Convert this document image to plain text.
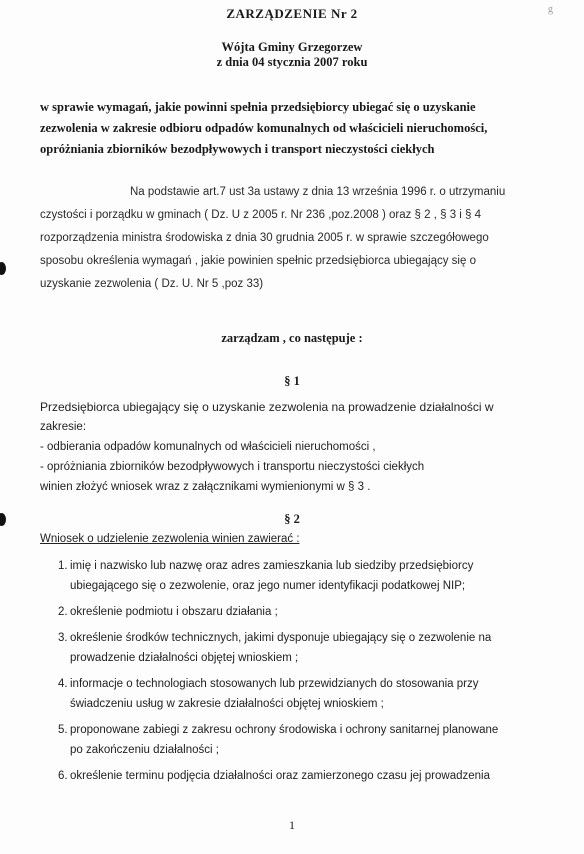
ZARZĄDZENIE Nr 2	g
Wójta Gminy Grzegorzew
z dnia 04 stycznia 2007 roku
w sprawie wymagań, jakie powinni spełnia przedsiębiorcy ubiegać się o uzyskanie
zezwolenia w zakresie odbioru odpadów komunalnych od właścicieli nieruchomości,
opróżniania zbiorników bezodpływowych i transport nieczystości ciekłych
Na podstawie art.7 ust 3a ustawy z dnia 13 września 1996 r. o utrzymaniu
czystości i porządku w gminach ( Dz. U z 2005 r. Nr 236 ,poz.2008 ) oraz § 2 , § 3 i § 4
rozporządzenia ministra środowiska z dnia 30 grudnia 2005 r. w sprawie szczegółowego
sposobu określenia wymagań , jakie powinien spełnic przedsiębiorca ubiegający się o
uzyskanie zezwolenia ( Dz. U. Nr 5 ,poz 33)
zarządzam , co następuje :
§ 1
Przedsiębiorca ubiegający się o uzyskanie zezwolenia na prowadzenie działalności w
zakresie:
- odbierania odpadów komunalnych od właścicieli nieruchomości ,
- opróżniania zbiorników bezodpływowych i transportu nieczystości ciekłych
winien złożyć wniosek wraz z załącznikami wymienionymi w § 3 .
§ 2
Wniosek o udzielenie zezwolenia winien zawierać :
1. imię i nazwisko lub nazwę oraz adres zamieszkania lub siedziby przedsiębiorcy
ubiegającego się o zezwolenie, oraz jego numer identyfikacji podatkowej NIP;
2. określenie podmiotu i obszaru działania ;
3. określenie środków technicznych, jakimi dysponuje ubiegający się o zezwolenie na
prowadzenie działalności objętej wnioskiem ;
4. informacje o technologiach stosowanych lub przewidzianych do stosowania przy
świadczeniu usług w zakresie działalności objętej wnioskiem ;
5. proponowane zabiegi z zakresu ochrony środowiska i ochrony sanitarnej planowane
po zakończeniu działalności ;
6. określenie terminu podjęcia działalności oraz zamierzonego czasu jej prowadzenia
1
